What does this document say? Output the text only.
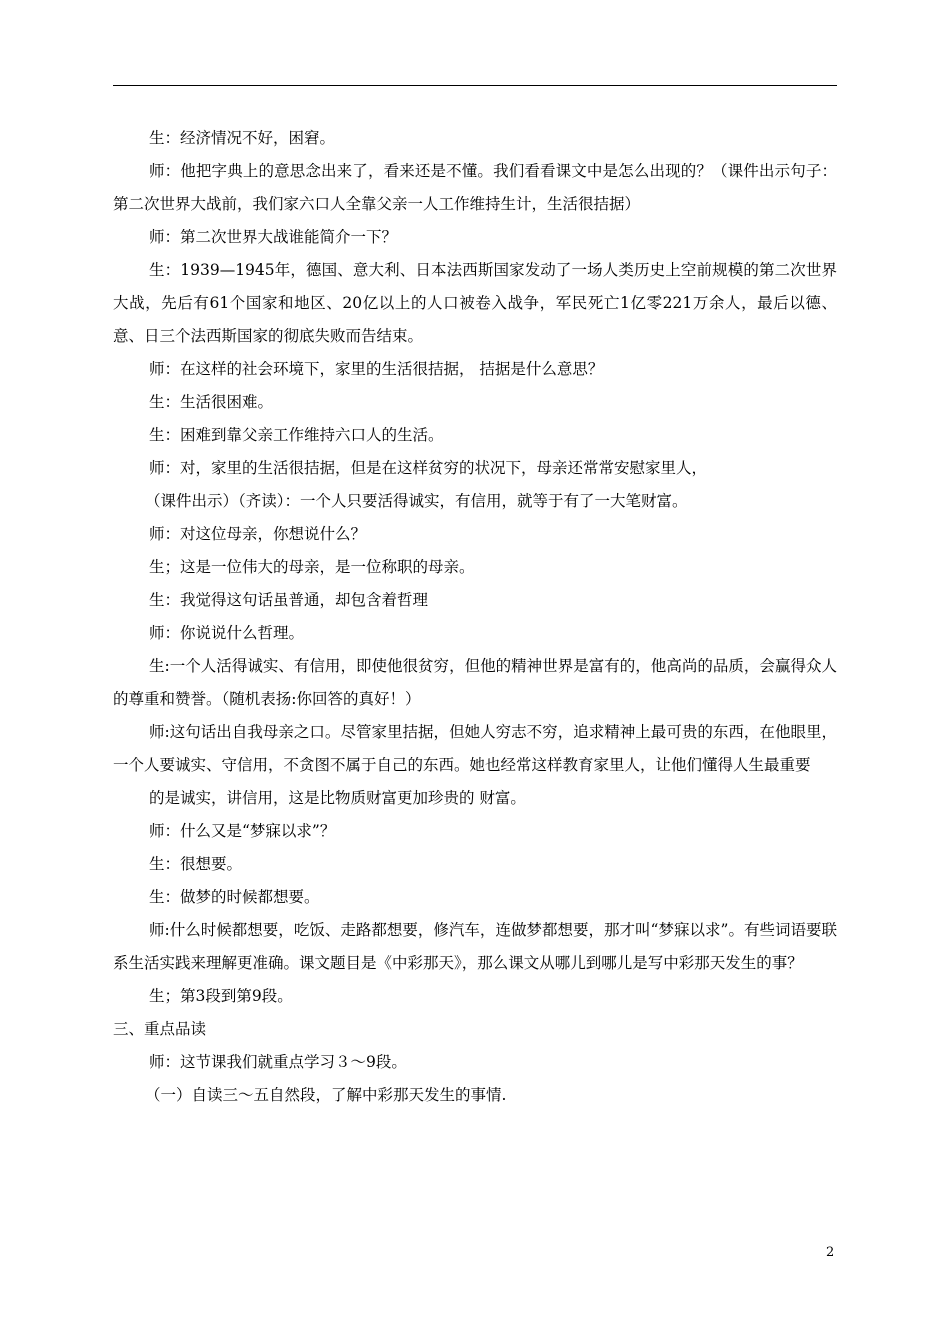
生：经济情况不好，困窘。

师：他把字典上的意思念出来了，看来还是不懂。我们看看课文中是怎么出现的？（课件出示句子：第二次世界大战前，我们家六口人全靠父亲一人工作维持生计，生活很拮据）

师：第二次世界大战谁能简介一下？

生：1939—1945年，德国、意大利、日本法西斯国家发动了一场人类历史上空前规模的第二次世界大战，先后有61个国家和地区、20亿以上的人口被卷入战争，军民死亡1亿零221万余人，最后以德、意、日三个法西斯国家的彻底失败而告结束。

师：在这样的社会环境下，家里的生活很拮据， 拮据是什么意思？

生：生活很困难。

生：困难到靠父亲工作维持六口人的生活。

师：对，家里的生活很拮据，但是在这样贫穷的状况下，母亲还常常安慰家里人，

（课件出示）（齐读）：一个人只要活得诚实，有信用，就等于有了一大笔财富。

师：对这位母亲，你想说什么？

生；这是一位伟大的母亲，是一位称职的母亲。

生：我觉得这句话虽普通，却包含着哲理

师：你说说什么哲理。

生:一个人活得诚实、有信用，即使他很贫穷，但他的精神世界是富有的，他高尚的品质，会赢得众人的尊重和赞誉。（随机表扬:你回答的真好！）

师:这句话出自我母亲之口。尽管家里拮据，但她人穷志不穷，追求精神上最可贵的东西，在他眼里，一个人要诚实、守信用，不贪图不属于自己的东西。她也经常这样教育家里人，让他们懂得人生最重要

的是诚实，讲信用，这是比物质财富更加珍贵的 财富。

师：什么又是“梦寐以求”？

生：很想要。

生：做梦的时候都想要。

师:什么时候都想要，吃饭、走路都想要，修汽车，连做梦都想要，那才叫“梦寐以求”。有些词语要联系生活实践来理解更准确。课文题目是《中彩那天》，那么课文从哪儿到哪儿是写中彩那天发生的事？

生；第3段到第9段。

三、重点品读

师：这节课我们就重点学习３～9段。

（一）自读三～五自然段，了解中彩那天发生的事情.

2
